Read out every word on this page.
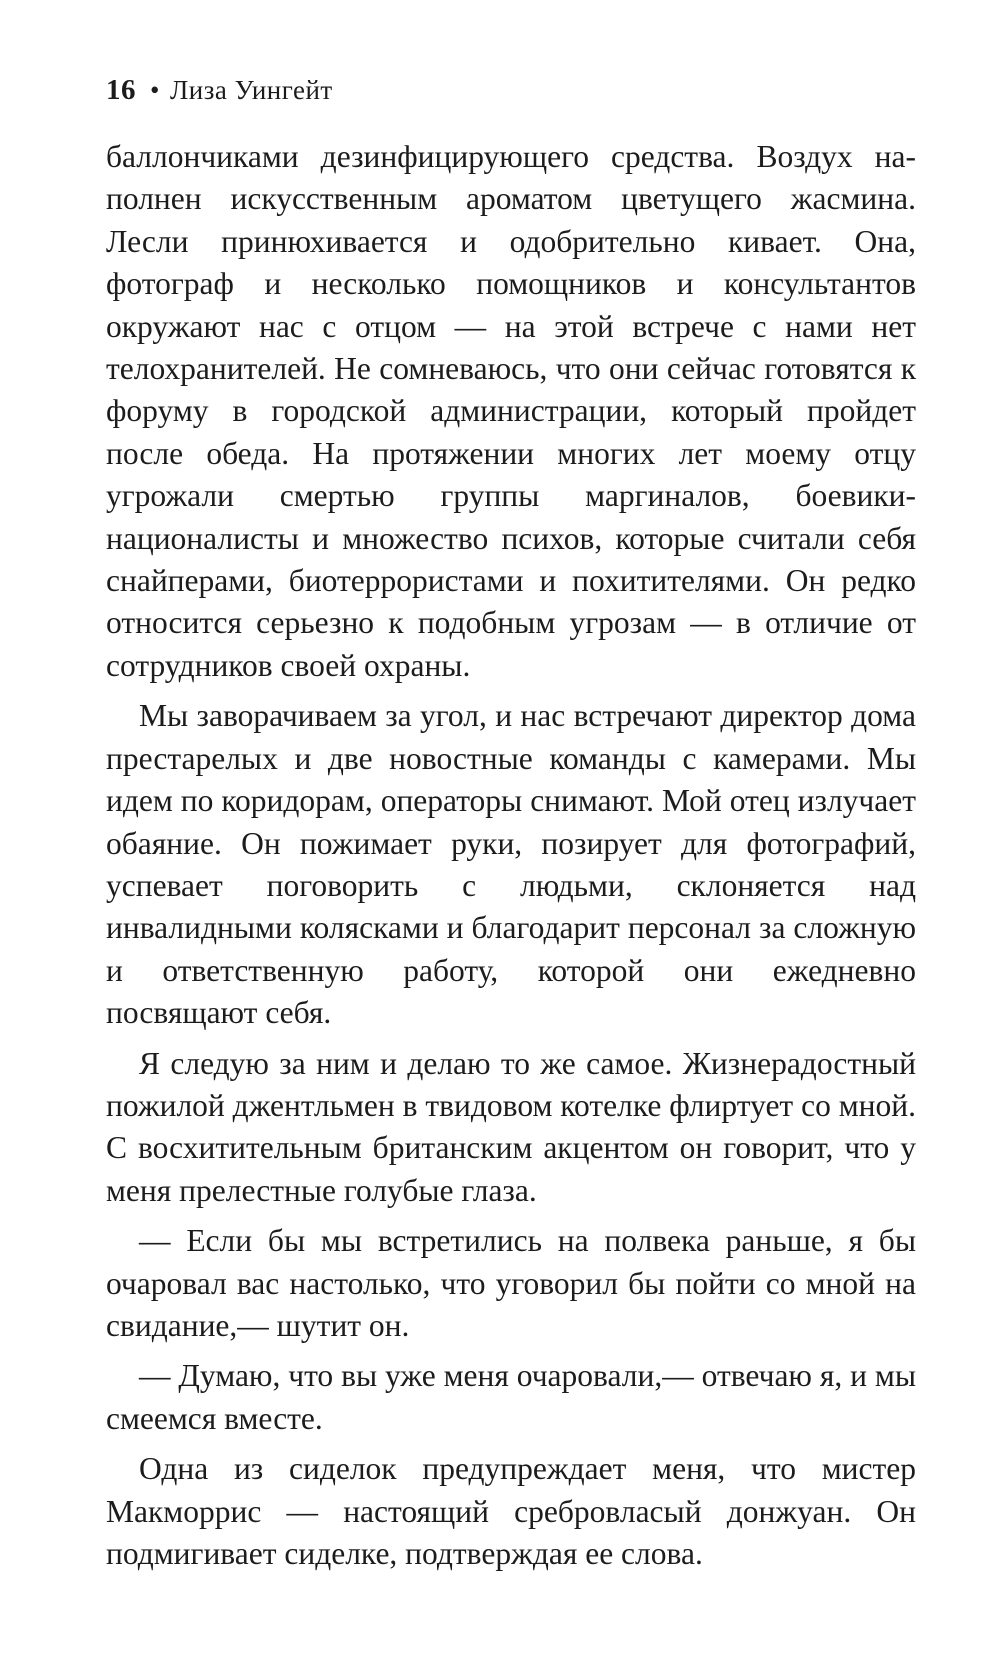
16 • Лиза Уингейт

баллончиками дезинфицирующего средства. Воздух наполнен искусственным ароматом цветущего жасмина. Лесли принюхивается и одобрительно кивает. Она, фотограф и несколько помощников и консультантов окружают нас с отцом — на этой встрече с нами нет телохранителей. Не сомневаюсь, что они сейчас готовятся к форуму в городской администрации, который пройдет после обеда. На протяжении многих лет моему отцу угрожали смертью группы маргиналов, боевики-националисты и множество психов, которые считали себя снайперами, биотеррористами и похитителями. Он редко относится серьезно к подобным угрозам — в отличие от сотрудников своей охраны.

Мы заворачиваем за угол, и нас встречают директор дома престарелых и две новостные команды с камерами. Мы идем по коридорам, операторы снимают. Мой отец излучает обаяние. Он пожимает руки, позирует для фотографий, успевает поговорить с людьми, склоняется над инвалидными колясками и благодарит персонал за сложную и ответственную работу, которой они ежедневно посвящают себя.

Я следую за ним и делаю то же самое. Жизнерадостный пожилой джентльмен в твидовом котелке флиртует со мной. С восхитительным британским акцентом он говорит, что у меня прелестные голубые глаза.

— Если бы мы встретились на полвека раньше, я бы очаровал вас настолько, что уговорил бы пойти со мной на свидание,— шутит он.

— Думаю, что вы уже меня очаровали,— отвечаю я, и мы смеемся вместе.

Одна из сиделок предупреждает меня, что мистер Макморрис — настоящий сребровласый донжуан. Он подмигивает сиделке, подтверждая ее слова.
